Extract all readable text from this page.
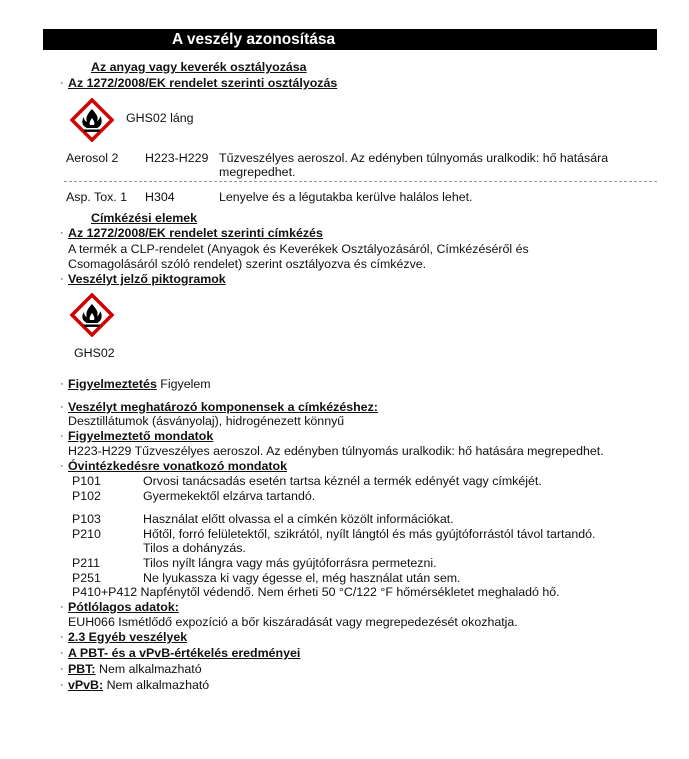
A veszély azonosítása
Az anyag vagy keverék osztályozása
· Az 1272/2008/EK rendelet szerinti osztályozás
GHS02 láng
Aerosol 2 H223-H229 Tűzveszélyes aeroszol. Az edényben túlnyomás uralkodik: hő hatására
megrepedhet.
Asp. Tox. 1 H304	Lenyelve és a légutakba kerülve halálos lehet.
Címkézési elemek
· Az 1272/2008/EK rendelet szerinti címkézés
A termék a CLP-rendelet (Anyagok és Keverékek Osztályozásáról, Címkézéséről és
Csomagolásáról szóló rendelet) szerint osztályozva és címkézve.
· Veszélyt jelző piktogramok
GHS02
· Figyelmeztetés Figyelem
· Veszélyt meghatározó komponensek a címkézéshez:
Desztillátumok (ásványolaj), hidrogénezett könnyű
· Figyelmeztető mondatok
H223-H229 Tűzveszélyes aeroszol. Az edényben túlnyomás uralkodik: hő hatására megrepedhet.
· Óvintézkedésre vonatkozó mondatok
P101	Orvosi tanácsadás esetén tartsa kéznél a termék edényét vagy címkéjét.
P102	Gyermekektől elzárva tartandó.
P103	Használat előtt olvassa el a címkén közölt információkat.
P210	Hőtől, forró felületektől, szikrától, nyílt lángtól és más gyújtóforrástól távol tartandó.
Tilos a dohányzás.
P211	Tilos nyílt lángra vagy más gyújtóforrásra permetezni.
P251	Ne lyukassza ki vagy égesse el, még használat után sem.
P410+P412 Napfénytől védendő. Nem érheti 50 °C/122 °F hőmérsékletet meghaladó hő.
· Pótlólagos adatok:
EUH066 Ismétlődő expozíció a bőr kiszáradását vagy megrepedezését okozhatja.
· 2.3 Egyéb veszélyek
· A PBT- és a vPvB-értékelés eredményei
· PBT: Nem alkalmazható
· vPvB: Nem alkalmazható
